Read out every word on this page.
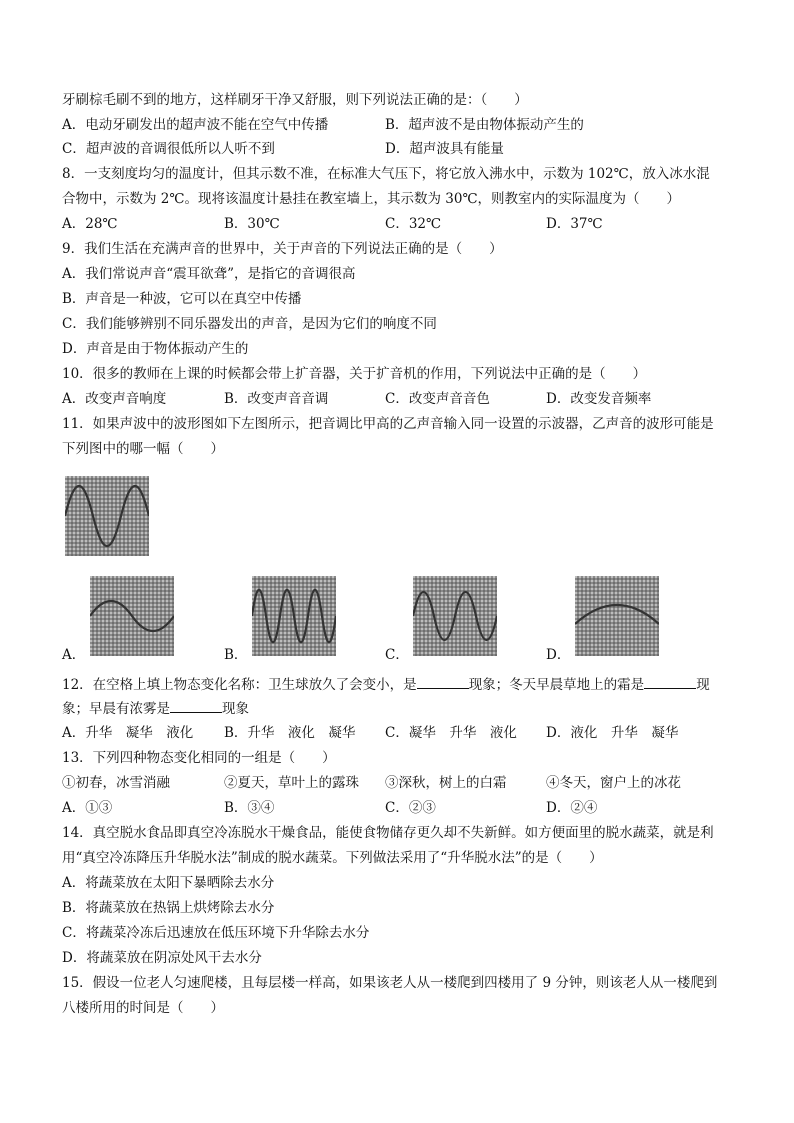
牙刷棕毛刷不到的地方，这样刷牙干净又舒服，则下列说法正确的是：（　　）
A．电动牙刷发出的超声波不能在空气中传播	B．超声波不是由物体振动产生的
C．超声波的音调很低所以人听不到	D．超声波具有能量
8．一支刻度均匀的温度计，但其示数不准，在标准大气压下，将它放入沸水中，示数为 102℃，放入冰水混
合物中，示数为 2℃。现将该温度计悬挂在教室墙上，其示数为 30℃，则教室内的实际温度为（　　）
A．28℃	B．30℃	C．32℃	D．37℃
9．我们生活在充满声音的世界中，关于声音的下列说法正确的是（　　）
A．我们常说声音“震耳欲聋”，是指它的音调很高
B．声音是一种波，它可以在真空中传播
C．我们能够辨别不同乐器发出的声音，是因为它们的响度不同
D．声音是由于物体振动产生的
10．很多的教师在上课的时候都会带上扩音器，关于扩音机的作用，下列说法中正确的是（　　）
A．改变声音响度	B．改变声音音调	C．改变声音音色	D．改变发音频率
11．如果声波中的波形图如下左图所示，把音调比甲高的乙声音输入同一设置的示波器，乙声音的波形可能是
下列图中的哪一幅（　　）
A．	B．	C．	D．
12．在空格上填上物态变化名称：卫生球放久了会变小，是	现象；冬天早晨草地上的霜是	现
象；早晨有浓雾是	现象
A．升华　凝华　液化 B．升华　液化　凝华 C．凝华　升华　液化 D．液化　升华　凝华
13．下列四种物态变化相同的一组是（　　）
①初春，冰雪消融	②夏天，草叶上的露珠 ③深秋，树上的白霜	④冬天，窗户上的冰花
A．①③	B．③④	C．②③	D．②④
14．真空脱水食品即真空冷冻脱水干燥食品，能使食物储存更久却不失新鲜。如方便面里的脱水蔬菜，就是利
用“真空冷冻降压升华脱水法”制成的脱水蔬菜。下列做法采用了“升华脱水法”的是（　　）
A．将蔬菜放在太阳下暴晒除去水分
B．将蔬菜放在热锅上烘烤除去水分
C．将蔬菜冷冻后迅速放在低压环境下升华除去水分
D．将蔬菜放在阴凉处风干去水分
15．假设一位老人匀速爬楼，且每层楼一样高，如果该老人从一楼爬到四楼用了 9 分钟，则该老人从一楼爬到
八楼所用的时间是（　　）
